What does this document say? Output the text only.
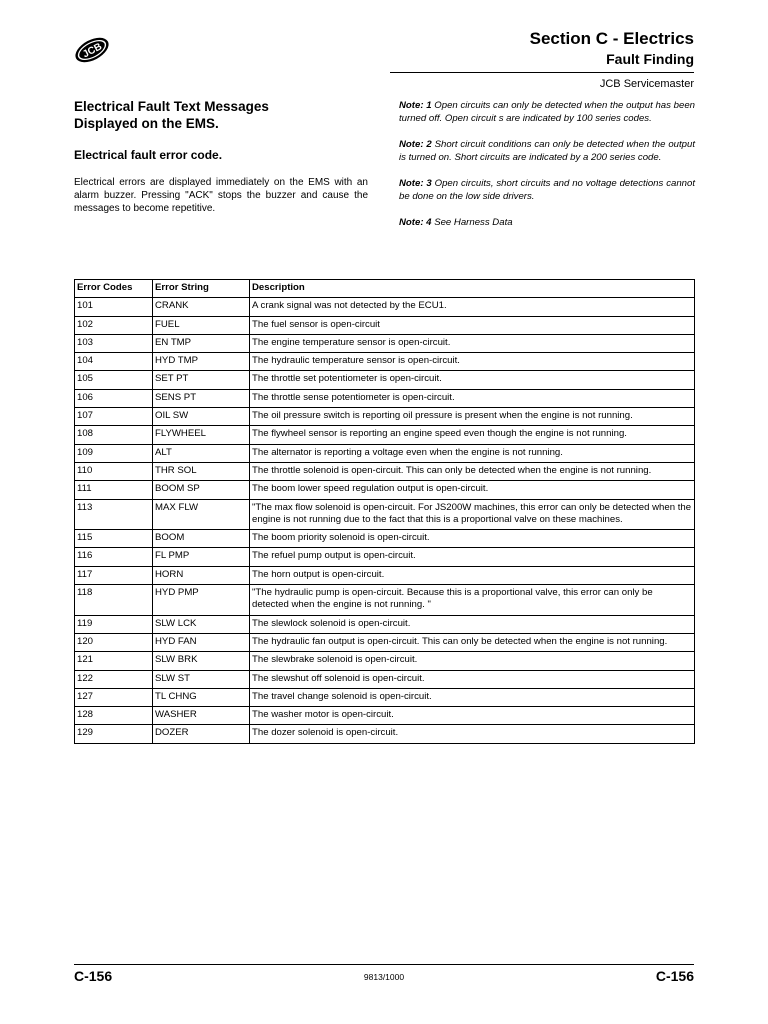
JCB
Section C - Electrics
Fault Finding
JCB Servicemaster
Electrical Fault Text Messages
Displayed on the EMS.
Electrical fault error code.
Electrical errors are displayed immediately on the EMS with an alarm buzzer. Pressing "ACK" stops the buzzer and cause the messages to become repetitive.

Note: 1 Open circuits can only be detected when the output has been turned off. Open circuit s are indicated by 100 series codes.

Note: 2 Short circuit conditions can only be detected when the output is turned on. Short circuits are indicated by a 200 series code.

Note: 3 Open circuits, short circuits and no voltage detections cannot be done on the low side drivers.

Note: 4 See Harness Data

Error Codes	Error String	Description
101	CRANK	A crank signal was not detected by the ECU1.
102	FUEL	The fuel sensor is open-circuit
103	EN TMP	The engine temperature sensor is open-circuit.
104	HYD TMP	The hydraulic temperature sensor is open-circuit.
105	SET PT	The throttle set potentiometer is open-circuit.
106	SENS PT	The throttle sense potentiometer is open-circuit.
107	OIL SW	The oil pressure switch is reporting oil pressure is present when the engine is not running.
108	FLYWHEEL	The flywheel sensor is reporting an engine speed even though the engine is not running.
109	ALT	The alternator is reporting a voltage even when the engine is not running.
110	THR SOL	The throttle solenoid is open-circuit. This can only be detected when the engine is not running.
111	BOOM SP	The boom lower speed regulation output is open-circuit.
113	MAX FLW	"The max flow solenoid is open-circuit. For JS200W machines, this error can only be detected when the engine is not running due to the fact that this is a proportional valve on these machines.
115	BOOM	The boom priority solenoid is open-circuit.
116	FL PMP	The refuel pump output is open-circuit.
117	HORN	The horn output is open-circuit.
118	HYD PMP	"The hydraulic pump is open-circuit. Because this is a proportional valve, this error can only be detected when the engine is not running. "
119	SLW LCK	The slewlock solenoid is open-circuit.
120	HYD FAN	The hydraulic fan output is open-circuit. This can only be detected when the engine is not running.
121	SLW BRK	The slewbrake solenoid is open-circuit.
122	SLW ST	The slewshut off solenoid is open-circuit.
127	TL CHNG	The travel change solenoid is open-circuit.
128	WASHER	The washer motor is open-circuit.
129	DOZER	The dozer solenoid is open-circuit.
C-156	9813/1000	C-156
